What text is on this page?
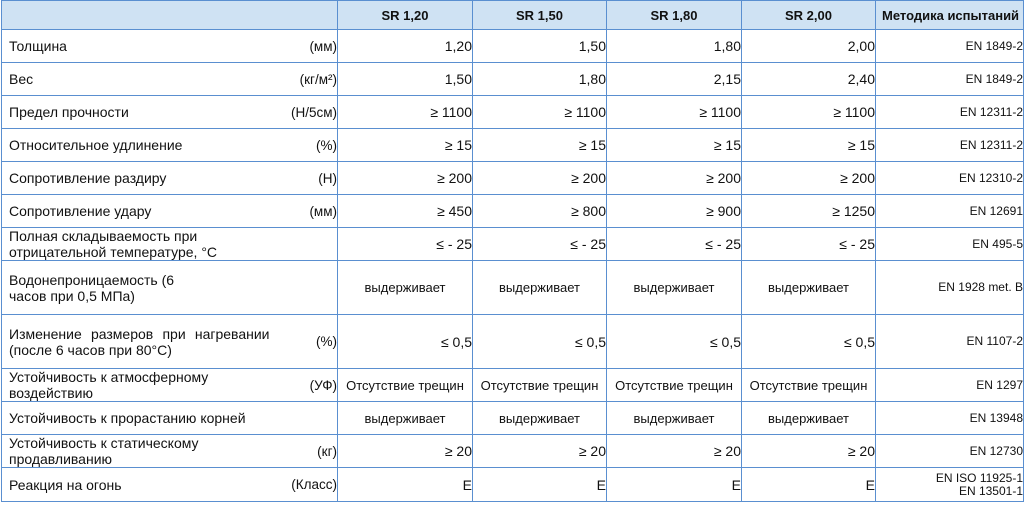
		SR 1,20	SR 1,50	SR 1,80	SR 2,00	Методика испытаний

Толщина	(мм)	1,20	1,50	1,80	2,00	EN 1849-2

Вес	(кг/м²)	1,50	1,80	2,15	2,40	EN 1849-2

Предел прочности	(Н/5см)	≥ 1100	≥ 1100	≥ 1100	≥ 1100	EN 12311-2

Относительное удлинение	(%)	≥ 15	≥ 15	≥ 15	≥ 15	EN 12311-2

Сопротивление раздиру	(Н)	≥ 200	≥ 200	≥ 200	≥ 200	EN 12310-2

Сопротивление удару	(мм)	≥ 450	≥ 800	≥ 900	≥ 1250	EN 12691

Полная складываемость при отрицательной температуре, °С		≤ - 25	≤ - 25	≤ - 25	≤ - 25	EN 495-5

Водонепроницаемость (6 часов при 0,5 МПа)		выдерживает	выдерживает	выдерживает	выдерживает	EN 1928 met. B

Изменение размеров при нагревании (после 6 часов при 80°С)	(%)	≤ 0,5	≤ 0,5	≤ 0,5	≤ 0,5	EN 1107-2

Устойчивость к атмосферному воздействию	(УФ)	Отсутствие трещин	Отсутствие трещин	Отсутствие трещин	Отсутствие трещин	EN 1297

Устойчивость к прорастанию корней		выдерживает	выдерживает	выдерживает	выдерживает	EN 13948

Устойчивость к статическому продавливанию	(кг)	≥ 20	≥ 20	≥ 20	≥ 20	EN 12730

Реакция на огонь	(Класс)	E	E	E	E	EN ISO 11925-1
EN 13501-1
